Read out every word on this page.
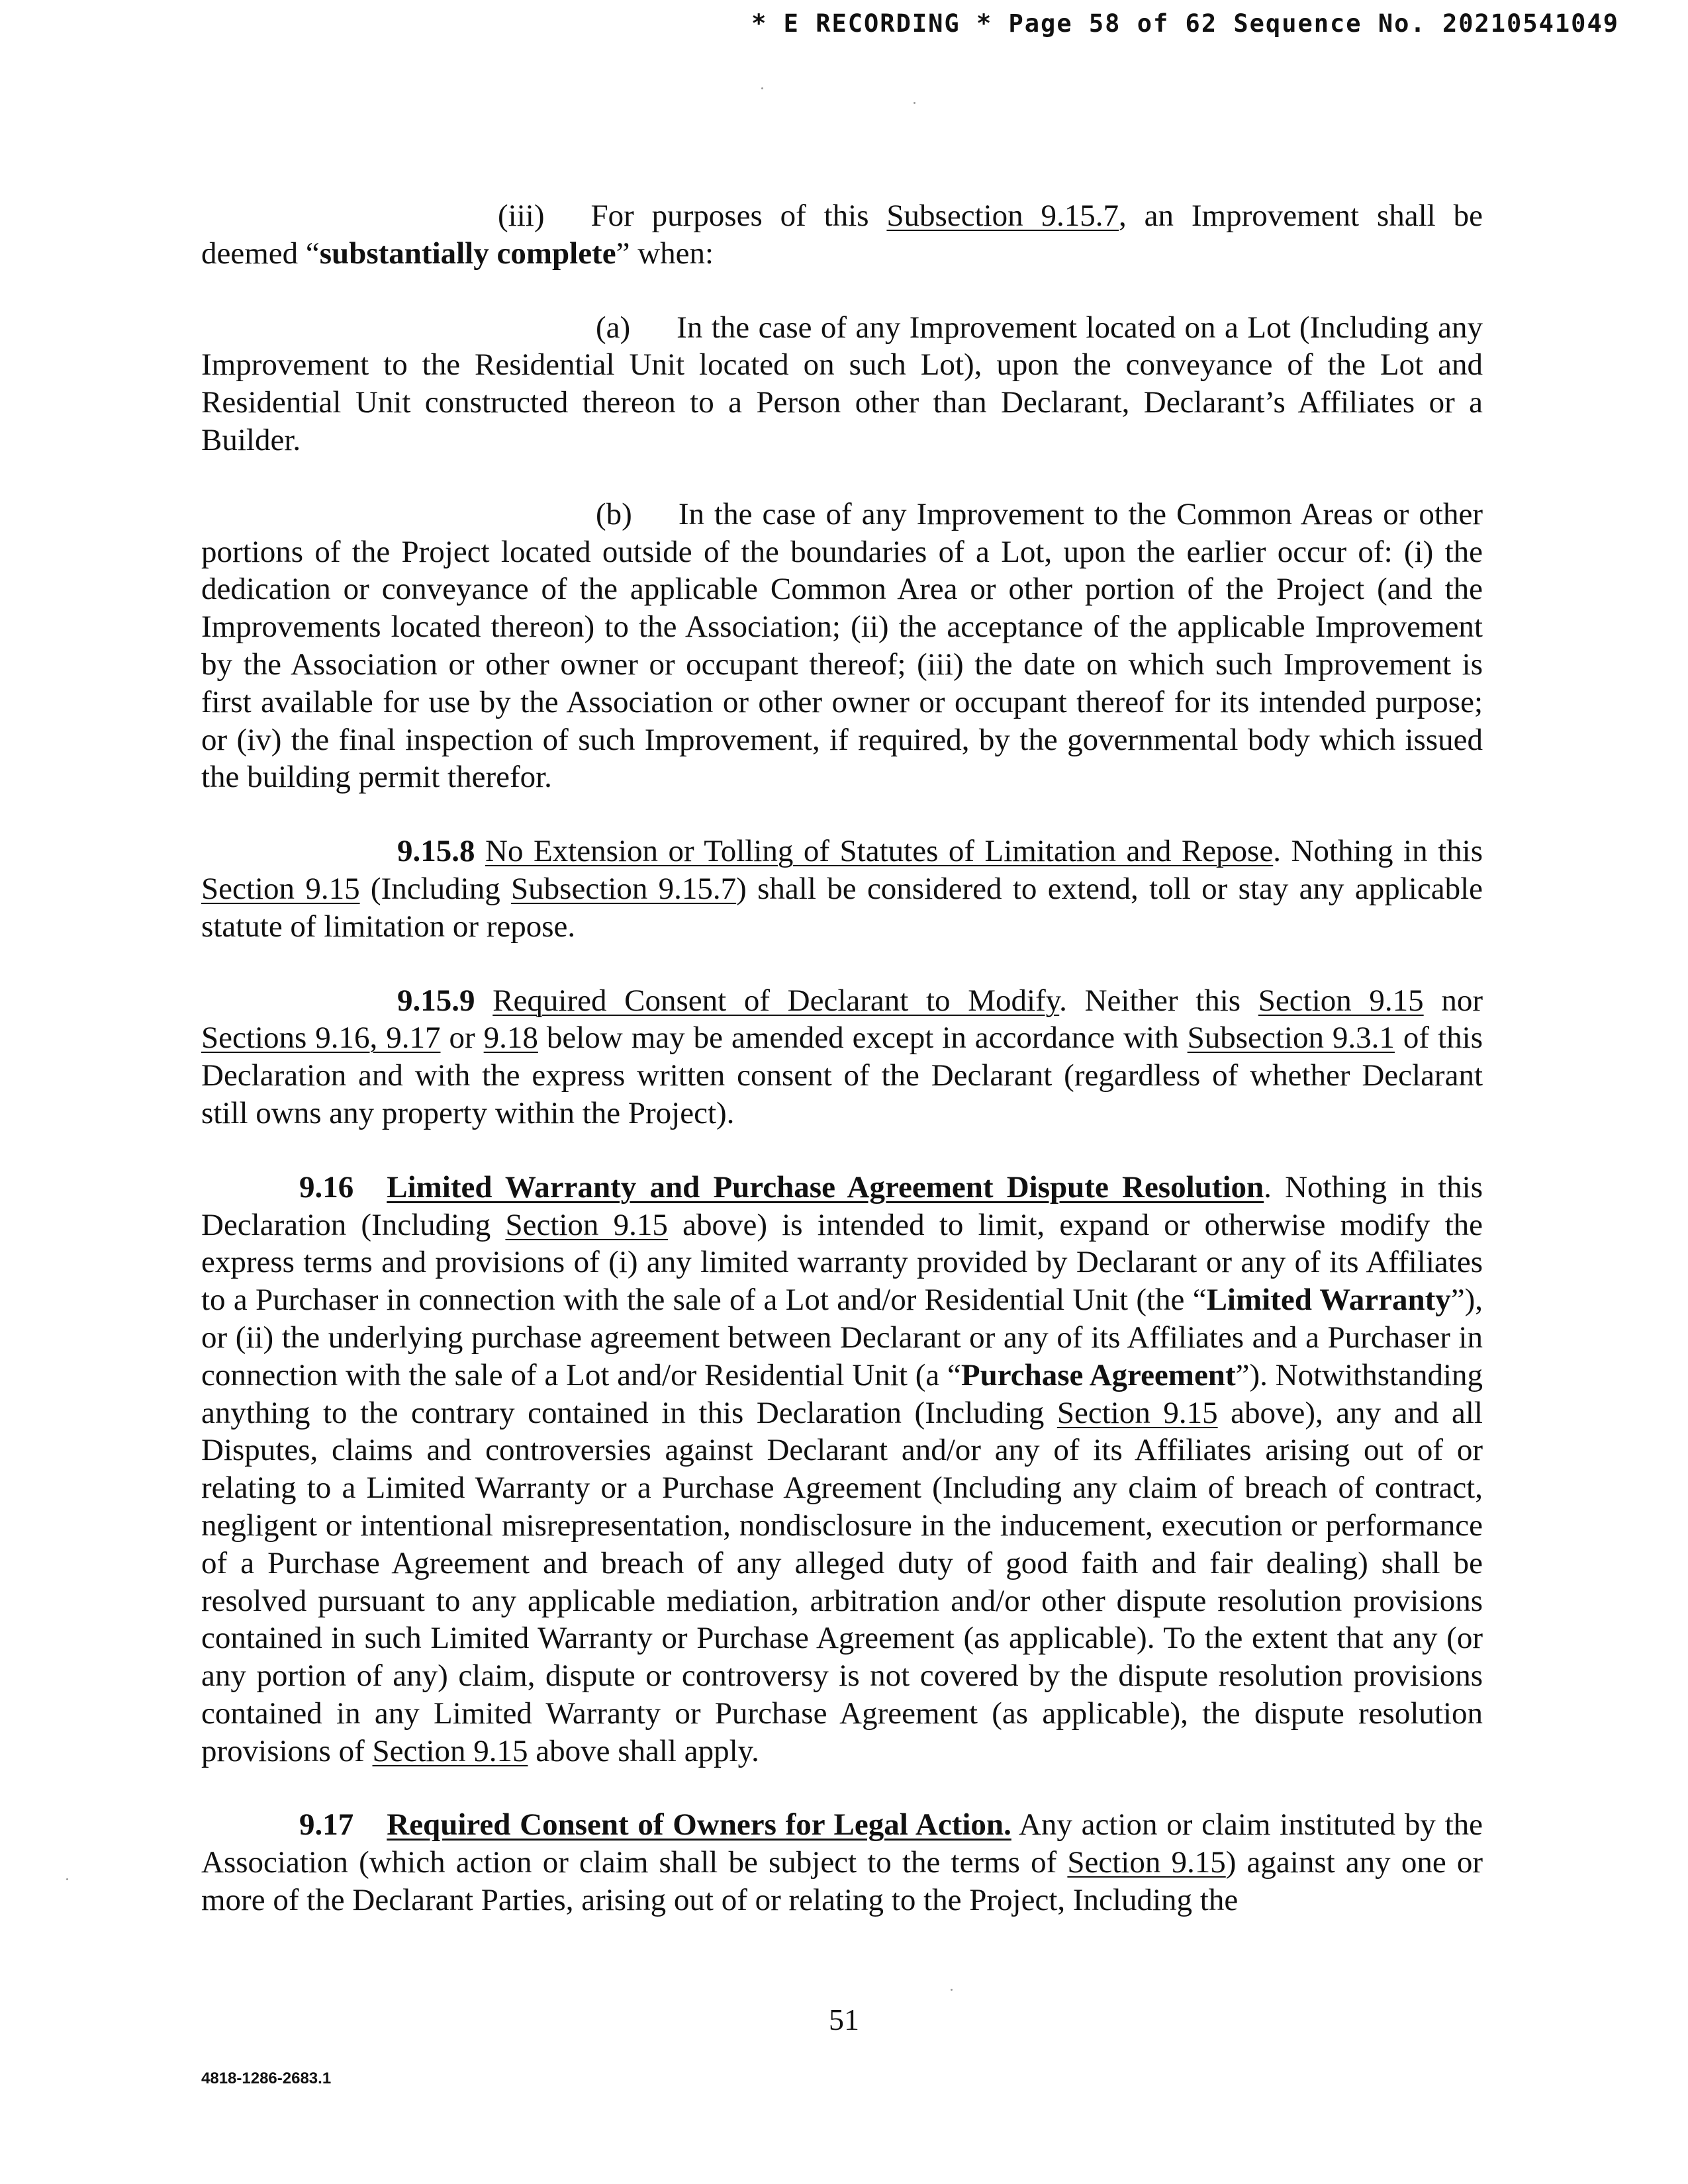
* E RECORDING * Page 58 of 62 Sequence No. 20210541049

(iii) For purposes of this Subsection 9.15.7, an Improvement shall be deemed “substantially complete” when:

(a) In the case of any Improvement located on a Lot (Including any Improvement to the Residential Unit located on such Lot), upon the conveyance of the Lot and Residential Unit constructed thereon to a Person other than Declarant, Declarant’s Affiliates or a Builder.

(b) In the case of any Improvement to the Common Areas or other portions of the Project located outside of the boundaries of a Lot, upon the earlier occur of: (i) the dedication or conveyance of the applicable Common Area or other portion of the Project (and the Improvements located thereon) to the Association; (ii) the acceptance of the applicable Improvement by the Association or other owner or occupant thereof; (iii) the date on which such Improvement is first available for use by the Association or other owner or occupant thereof for its intended purpose; or (iv) the final inspection of such Improvement, if required, by the governmental body which issued the building permit therefor.

9.15.8 No Extension or Tolling of Statutes of Limitation and Repose. Nothing in this Section 9.15 (Including Subsection 9.15.7) shall be considered to extend, toll or stay any applicable statute of limitation or repose.

9.15.9 Required Consent of Declarant to Modify. Neither this Section 9.15 nor Sections 9.16, 9.17 or 9.18 below may be amended except in accordance with Subsection 9.3.1 of this Declaration and with the express written consent of the Declarant (regardless of whether Declarant still owns any property within the Project).

9.16 Limited Warranty and Purchase Agreement Dispute Resolution. Nothing in this Declaration (Including Section 9.15 above) is intended to limit, expand or otherwise modify the express terms and provisions of (i) any limited warranty provided by Declarant or any of its Affiliates to a Purchaser in connection with the sale of a Lot and/or Residential Unit (the “Limited Warranty”), or (ii) the underlying purchase agreement between Declarant or any of its Affiliates and a Purchaser in connection with the sale of a Lot and/or Residential Unit (a “Purchase Agreement”). Notwithstanding anything to the contrary contained in this Declaration (Including Section 9.15 above), any and all Disputes, claims and controversies against Declarant and/or any of its Affiliates arising out of or relating to a Limited Warranty or a Purchase Agreement (Including any claim of breach of contract, negligent or intentional misrepresentation, nondisclosure in the inducement, execution or performance of a Purchase Agreement and breach of any alleged duty of good faith and fair dealing) shall be resolved pursuant to any applicable mediation, arbitration and/or other dispute resolution provisions contained in such Limited Warranty or Purchase Agreement (as applicable). To the extent that any (or any portion of any) claim, dispute or controversy is not covered by the dispute resolution provisions contained in any Limited Warranty or Purchase Agreement (as applicable), the dispute resolution provisions of Section 9.15 above shall apply.

9.17 Required Consent of Owners for Legal Action. Any action or claim instituted by the Association (which action or claim shall be subject to the terms of Section 9.15) against any one or more of the Declarant Parties, arising out of or relating to the Project, Including the

51
4818-1286-2683.1
